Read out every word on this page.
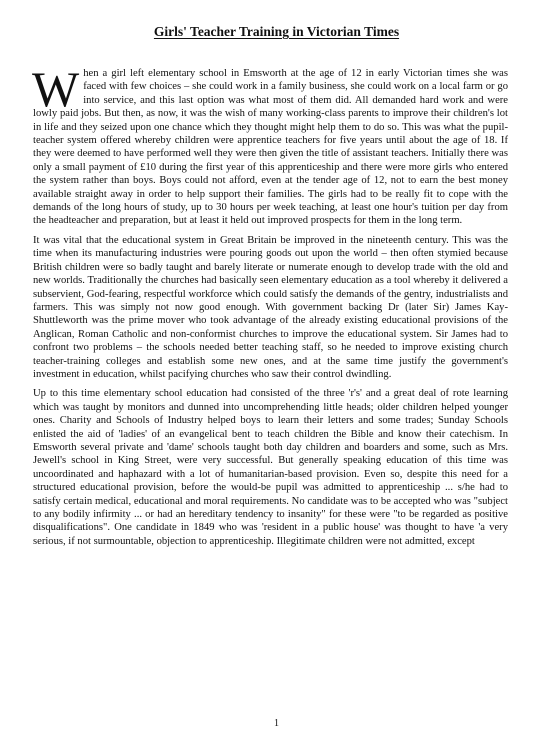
Girls' Teacher Training in Victorian Times

When a girl left elementary school in Emsworth at the age of 12 in early Victorian times she was faced with few choices – she could work in a family business, she could work on a local farm or go into service, and this last option was what most of them did. All demanded hard work and were lowly paid jobs. But then, as now, it was the wish of many working-class parents to improve their children's lot in life and they seized upon one chance which they thought might help them to do so. This was what the pupil-teacher system offered whereby children were apprentice teachers for five years until about the age of 18. If they were deemed to have performed well they were then given the title of assistant teachers. Initially there was only a small payment of £10 during the first year of this apprenticeship and there were more girls who entered the system rather than boys. Boys could not afford, even at the tender age of 12, not to earn the best money available straight away in order to help support their families. The girls had to be really fit to cope with the demands of the long hours of study, up to 30 hours per week teaching, at least one hour's tuition per day from the headteacher and preparation, but at least it held out improved prospects for them in the long term.

It was vital that the educational system in Great Britain be improved in the nineteenth century. This was the time when its manufacturing industries were pouring goods out upon the world – then often stymied because British children were so badly taught and barely literate or numerate enough to develop trade with the old and new worlds. Traditionally the churches had basically seen elementary education as a tool whereby it delivered a subservient, God-fearing, respectful workforce which could satisfy the demands of the gentry, industrialists and farmers. This was simply not now good enough. With government backing Dr (later Sir) James Kay-Shuttleworth was the prime mover who took advantage of the already existing educational provisions of the Anglican, Roman Catholic and non-conformist churches to improve the educational system. Sir James had to confront two problems – the schools needed better teaching staff, so he needed to improve existing church teacher-training colleges and establish some new ones, and at the same time justify the government's investment in education, whilst pacifying churches who saw their control dwindling.

Up to this time elementary school education had consisted of the three 'r's' and a great deal of rote learning which was taught by monitors and dunned into uncomprehending little heads; older children helped younger ones. Charity and Schools of Industry helped boys to learn their letters and some trades; Sunday Schools enlisted the aid of 'ladies' of an evangelical bent to teach children the Bible and know their catechism. In Emsworth several private and 'dame' schools taught both day children and boarders and some, such as Mrs. Jewell's school in King Street, were very successful. But generally speaking education of this time was uncoordinated and haphazard with a lot of humanitarian-based provision. Even so, despite this need for a structured educational provision, before the would-be pupil was admitted to apprenticeship ... s/he had to satisfy certain medical, educational and moral requirements. No candidate was to be accepted who was "subject to any bodily infirmity ... or had an hereditary tendency to insanity" for these were "to be regarded as positive disqualifications". One candidate in 1849 who was 'resident in a public house' was thought to have 'a very serious, if not surmountable, objection to apprenticeship. Illegitimate children were not admitted, except

1
